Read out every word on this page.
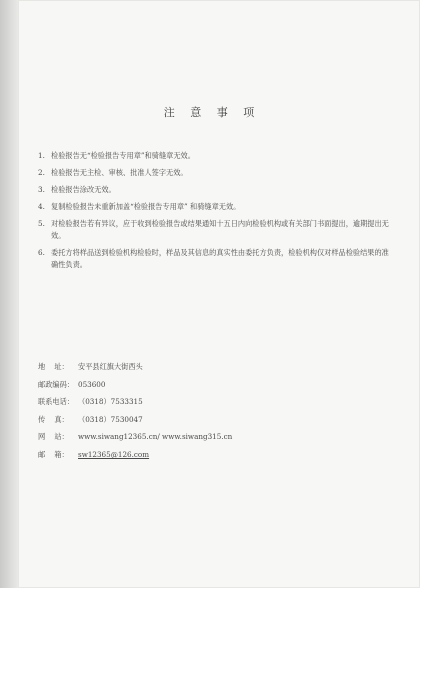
注 意 事 项
1. 检验报告无“检验报告专用章”和骑缝章无效。
2. 检验报告无主检、审核、批准人签字无效。
3. 检验报告涂改无效。
4. 复制检验报告未重新加盖“检验报告专用章” 和骑缝章无效。
5. 对检验报告若有异议，应于收到检验报告或结果通知十五日内向检验机构或有关部门书面提出，逾期提出无效。
6. 委托方将样品送到检验机构检验时，样品及其信息的真实性由委托方负责，检验机构仅对样品检验结果的准确性负责。
地    址：	安平县红旗大街西头
邮政编码： 053600
联系电话： （0318）7533315
传    真：	（0318）7530047
网    站：	www.siwang12365.cn/ www.siwang315.cn
邮    箱：	sw12365@126.com
